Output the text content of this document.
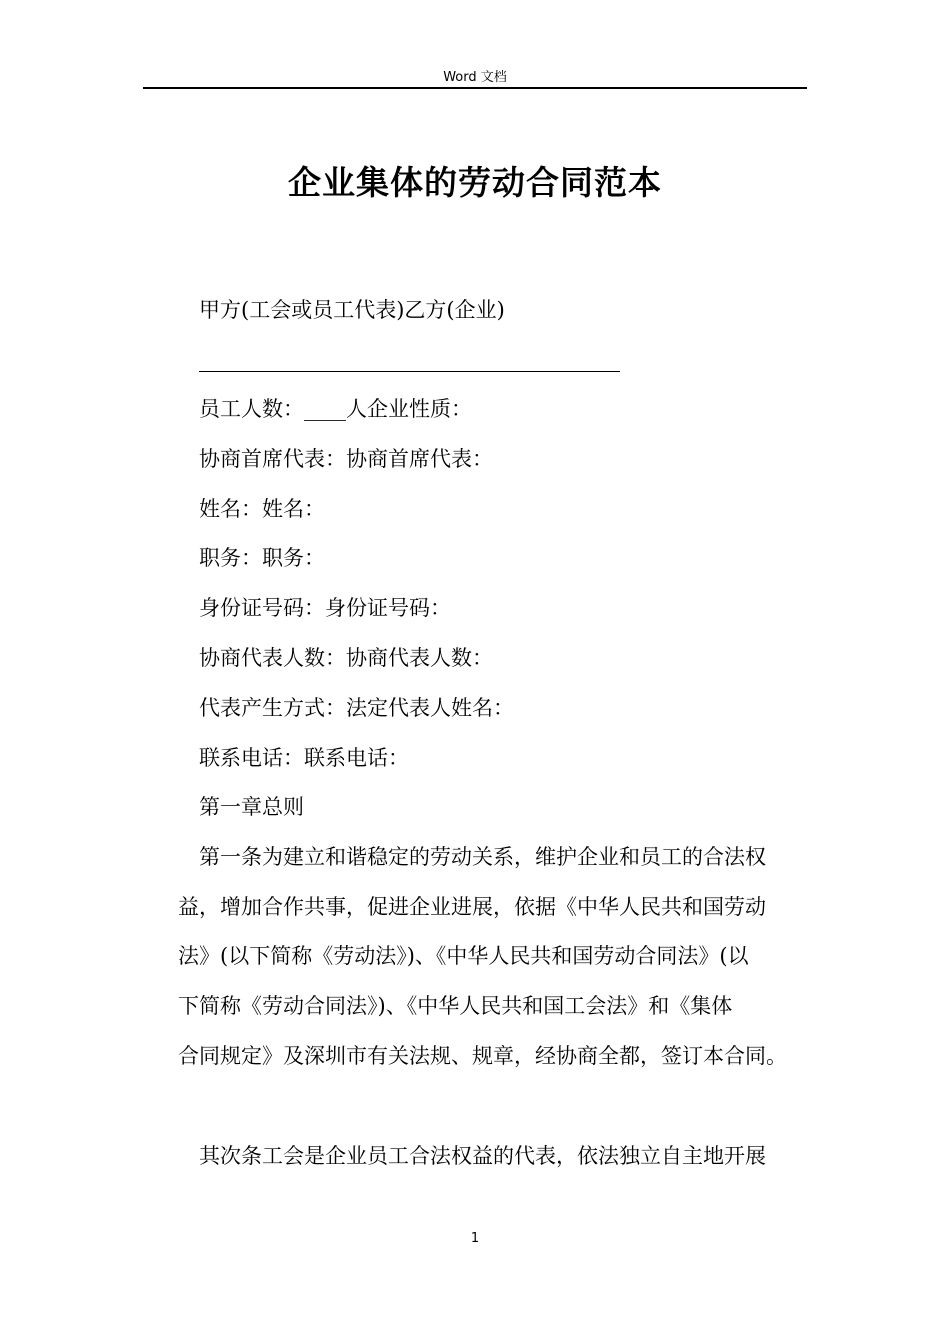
Word 文档
企业集体的劳动合同范本
甲方(工会或员工代表)乙方(企业)
员工人数：____人企业性质：
协商首席代表：协商首席代表：
姓名：姓名：
职务：职务：
身份证号码：身份证号码：
协商代表人数：协商代表人数：
代表产生方式：法定代表人姓名：
联系电话：联系电话：
第一章总则
第一条为建立和谐稳定的劳动关系，维护企业和员工的合法权
益，增加合作共事，促进企业进展，依据《中华人民共和国劳动
法》(以下简称《劳动法》)、《中华人民共和国劳动合同法》(以
下简称《劳动合同法》)、《中华人民共和国工会法》和《集体
合同规定》及深圳市有关法规、规章，经协商全都，签订本合同。
其次条工会是企业员工合法权益的代表，依法独立自主地开展
1
